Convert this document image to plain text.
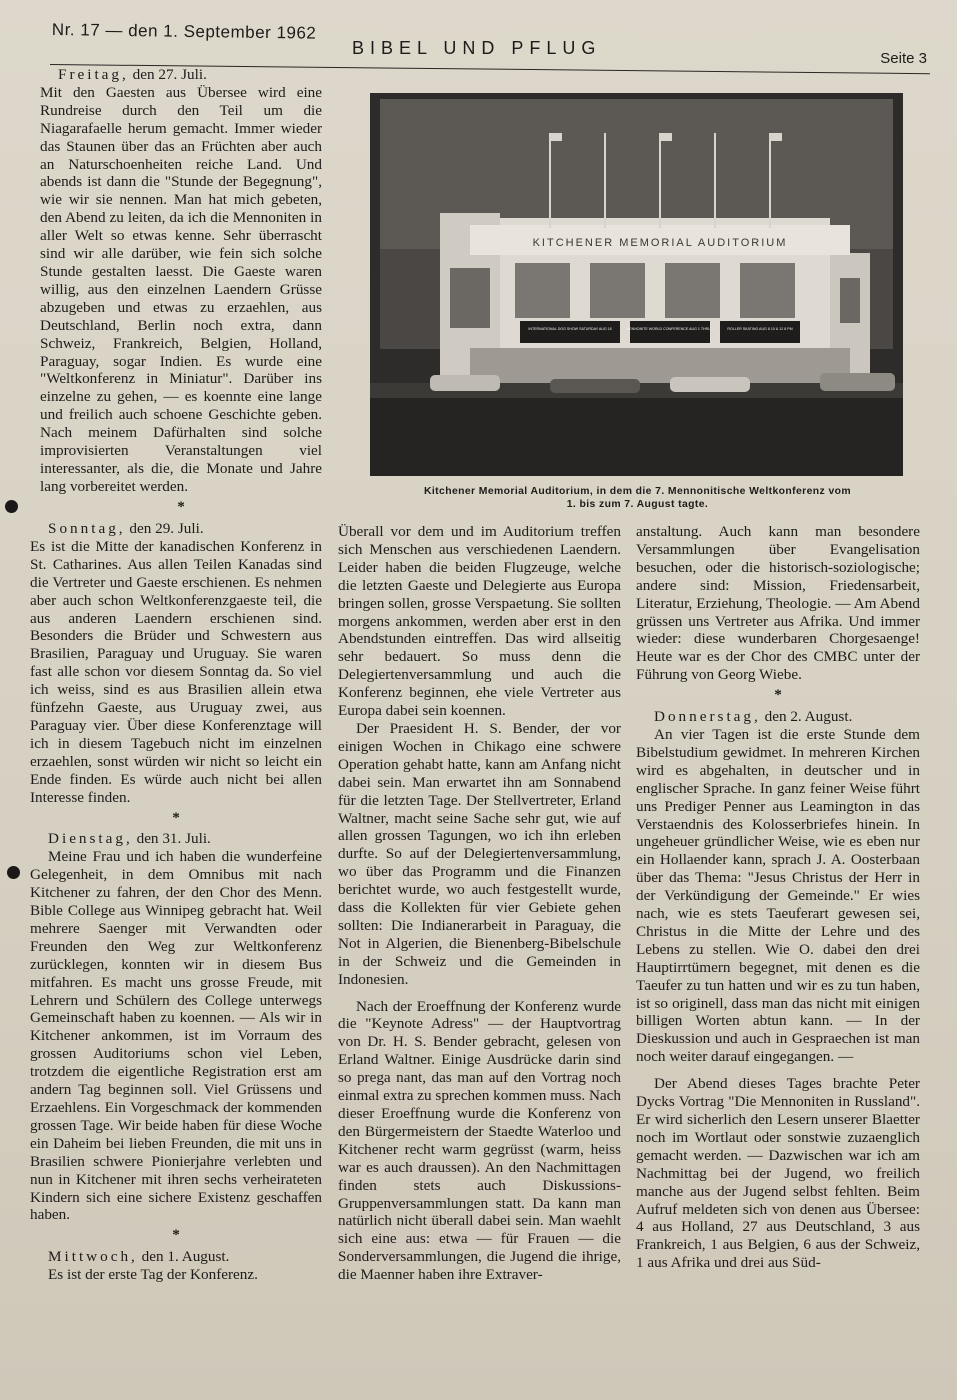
Nr. 17 — den 1. September 1962
BIBEL UND PFLUG
Seite 3
Freitag, den 27. Juli.

Mit den Gaesten aus Übersee wird eine Rundreise durch den Teil um die Niagarafaelle herum gemacht. Immer wieder das Staunen über das an Früchten aber auch an Naturschoenheiten reiche Land. Und abends ist dann die "Stunde der Begegnung", wie wir sie nennen. Man hat mich gebeten, den Abend zu leiten, da ich die Mennoniten in aller Welt so etwas kenne. Sehr überrascht sind wir alle darüber, wie fein sich solche Stunde gestalten laesst. Die Gaeste waren willig, aus den einzelnen Laendern Grüsse abzugeben und etwas zu erzaehlen, aus Deutschland, Berlin noch extra, dann Schweiz, Frankreich, Belgien, Holland, Paraguay, sogar Indien. Es wurde eine "Weltkonferenz in Miniatur". Darüber ins einzelne zu gehen, — es koennte eine lange und freilich auch schoene Geschichte geben. Nach meinem Dafürhalten sind solche improvisierten Veranstaltungen viel interessanter, als die, die Monate und Jahre lang vorbereitet werden.

*
KITCHENER MEMORIAL AUDITORIUM
INTERNATIONAL DOG SHOW SATURDAY AUG 18	MENNONITE WORLD CONFERENCE AUG 1 THRU 7	ROLLER SKATING AUG 8 10 & 12 8 PM
Kitchener Memorial Auditorium, in dem die 7. Mennonitische Weltkonferenz vom
1. bis zum 7. August tagte.
Sonntag, den 29. Juli.

Es ist die Mitte der kanadischen Konferenz in St. Catharines. Aus allen Teilen Kanadas sind die Vertreter und Gaeste erschienen. Es nehmen aber auch schon Weltkonferenzgaeste teil, die aus anderen Laendern erschienen sind. Besonders die Brüder und Schwestern aus Brasilien, Paraguay und Uruguay. Sie waren fast alle schon vor diesem Sonntag da. So viel ich weiss, sind es aus Brasilien allein etwa fünfzehn Gaeste, aus Uruguay zwei, aus Paraguay vier. Über diese Konferenztage will ich in diesem Tagebuch nicht im einzelnen erzaehlen, sonst würden wir nicht so leicht ein Ende finden. Es würde auch nicht bei allen Interesse finden.

*
Dienstag, den 31. Juli.

Meine Frau und ich haben die wunderfeine Gelegenheit, in dem Omnibus mit nach Kitchener zu fahren, der den Chor des Menn. Bible College aus Winnipeg gebracht hat. Weil mehrere Saenger mit Verwandten oder Freunden den Weg zur Weltkonferenz zurücklegen, konnten wir in diesem Bus mitfahren. Es macht uns grosse Freude, mit Lehrern und Schülern des College unterwegs Gemeinschaft haben zu koennen. — Als wir in Kitchener ankommen, ist im Vorraum des grossen Auditoriums schon viel Leben, trotzdem die eigentliche Registration erst am andern Tag beginnen soll. Viel Grüssens und Erzaehlens. Ein Vorgeschmack der kommenden grossen Tage. Wir beide haben für diese Woche ein Daheim bei lieben Freunden, die mit uns in Brasilien schwere Pionierjahre verlebten und nun in Kitchener mit ihren sechs verheirateten Kindern sich eine sichere Existenz geschaffen haben.

*
Mittwoch, den 1. August.

Es ist der erste Tag der Konferenz.

Überall vor dem und im Auditorium treffen sich Menschen aus verschiedenen Laendern. Leider haben die beiden Flugzeuge, welche die letzten Gaeste und Delegierte aus Europa bringen sollen, grosse Verspaetung. Sie sollten morgens ankommen, werden aber erst in den Abendstunden eintreffen. Das wird allseitig sehr bedauert. So muss denn die Delegiertenversammlung und auch die Konferenz beginnen, ehe viele Vertreter aus Europa dabei sein koennen.

Der Praesident H. S. Bender, der vor einigen Wochen in Chikago eine schwere Operation gehabt hatte, kann am Anfang nicht dabei sein. Man erwartet ihn am Sonnabend für die letzten Tage. Der Stellvertreter, Erland Waltner, macht seine Sache sehr gut, wie auf allen grossen Tagungen, wo ich ihn erleben durfte. So auf der Delegiertenversammlung, wo über das Programm und die Finanzen berichtet wurde, wo auch festgestellt wurde, dass die Kollekten für vier Gebiete gehen sollten: Die Indianerarbeit in Paraguay, die Not in Algerien, die Bienenberg-Bibelschule in der Schweiz und die Gemeinden in Indonesien.

Nach der Eroeffnung der Konferenz wurde die "Keynote Adress" — der Hauptvortrag von Dr. H. S. Bender gebracht, gelesen von Erland Waltner. Einige Ausdrücke darin sind so prega nant, das man auf den Vortrag noch einmal extra zu sprechen kommen muss. Nach dieser Eroeffnung wurde die Konferenz von den Bürgermeistern der Staedte Waterloo und Kitchener recht warm gegrüsst (warm, heiss war es auch draussen). An den Nachmittagen finden stets auch Diskussions-Gruppenversammlungen statt. Da kann man natürlich nicht überall dabei sein. Man waehlt sich eine aus: etwa — für Frauen — die Sonderversammlungen, die Jugend die ihrige, die Maenner haben ihre Extraver-

anstaltung. Auch kann man besondere Versammlungen über Evangelisation besuchen, oder die historisch-soziologische; andere sind: Mission, Friedensarbeit, Literatur, Erziehung, Theologie. — Am Abend grüssen uns Vertreter aus Afrika. Und immer wieder: diese wunderbaren Chorgesaenge! Heute war es der Chor des CMBC unter der Führung von Georg Wiebe.

*
Donnerstag, den 2. August.

An vier Tagen ist die erste Stunde dem Bibelstudium gewidmet. In mehreren Kirchen wird es abgehalten, in deutscher und in englischer Sprache. In ganz feiner Weise führt uns Prediger Penner aus Leamington in das Verstaendnis des Kolosserbriefes hinein. In ungeheuer gründlicher Weise, wie es eben nur ein Hollaender kann, sprach J. A. Oosterbaan über das Thema: "Jesus Christus der Herr in der Verkündigung der Gemeinde." Er wies nach, wie es stets Taeuferart gewesen sei, Christus in die Mitte der Lehre und des Lebens zu stellen. Wie O. dabei den drei Hauptirrtümern begegnet, mit denen es die Taeufer zu tun hatten und wir es zu tun haben, ist so originell, dass man das nicht mit einigen billigen Worten abtun kann. — In der Dieskussion und auch in Gespraechen ist man noch weiter darauf eingegangen. —

Der Abend dieses Tages brachte Peter Dycks Vortrag "Die Mennoniten in Russland". Er wird sicherlich den Lesern unserer Blaetter noch im Wortlaut oder sonstwie zuzaenglich gemacht werden. — Dazwischen war ich am Nachmittag bei der Jugend, wo freilich manche aus der Jugend selbst fehlten. Beim Aufruf meldeten sich von denen aus Übersee: 4 aus Holland, 27 aus Deutschland, 3 aus Frankreich, 1 aus Belgien, 6 aus der Schweiz, 1 aus Afrika und drei aus Süd-
